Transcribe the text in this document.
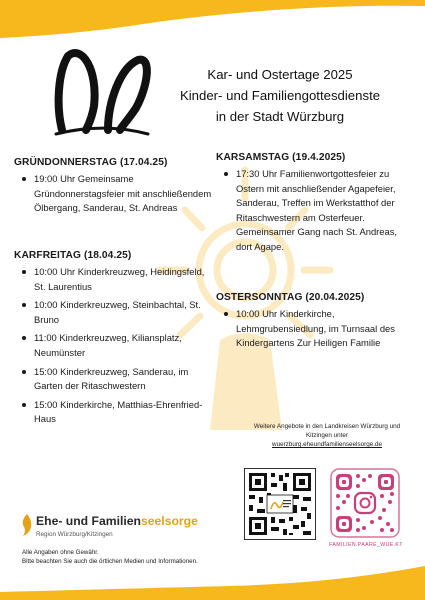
Kar- und Ostertage 2025
Kinder- und Familiengottesdienste
in der Stadt Würzburg

GRÜNDONNERSTAG (17.04.25)

19:00 Uhr Gemeinsame Gründonnerstagsfeier mit anschließendem Ölbergang, Sanderau, St. Andreas

KARFREITAG (18.04.25)

10:00 Uhr Kinderkreuzweg, Heidingsfeld, St. Laurentius
10:00 Kinderkreuzweg, Steinbachtal, St. Bruno
11:00 Kinderkreuzweg, Kiliansplatz, Neumünster
15:00 Kinderkreuzweg, Sanderau, im Garten der Ritaschwestern
15:00 Kinderkirche, Matthias-Ehrenfried-Haus

KARSAMSTAG (19.4.2025)

17:30 Uhr Familienwortgottesfeier zu Ostern mit anschließender Agapefeier, Sanderau, Treffen im Werkstatthof der Ritaschwestern am Osterfeuer. Gemeinsamer Gang nach St. Andreas, dort Agape.

OSTERSONNTAG (20.04.2025)

10:00 Uhr Kinderkirche, Lehmgrubensiedlung, im Turnsaal des Kindergartens Zur Heiligen Familie
Weitere Angebote in den Landkreisen Würzburg und Kitzingen unter
wuerzburg.eheundfamilienseelsorge.de
FAMILIEN.PAARE_WUE.KT
Ehe- und Familienseelsorge
Region Würzburg/Kitzingen
Alle Angaben ohne Gewähr.
Bitte beachten Sie auch die örtlichen Medien und Informationen.
